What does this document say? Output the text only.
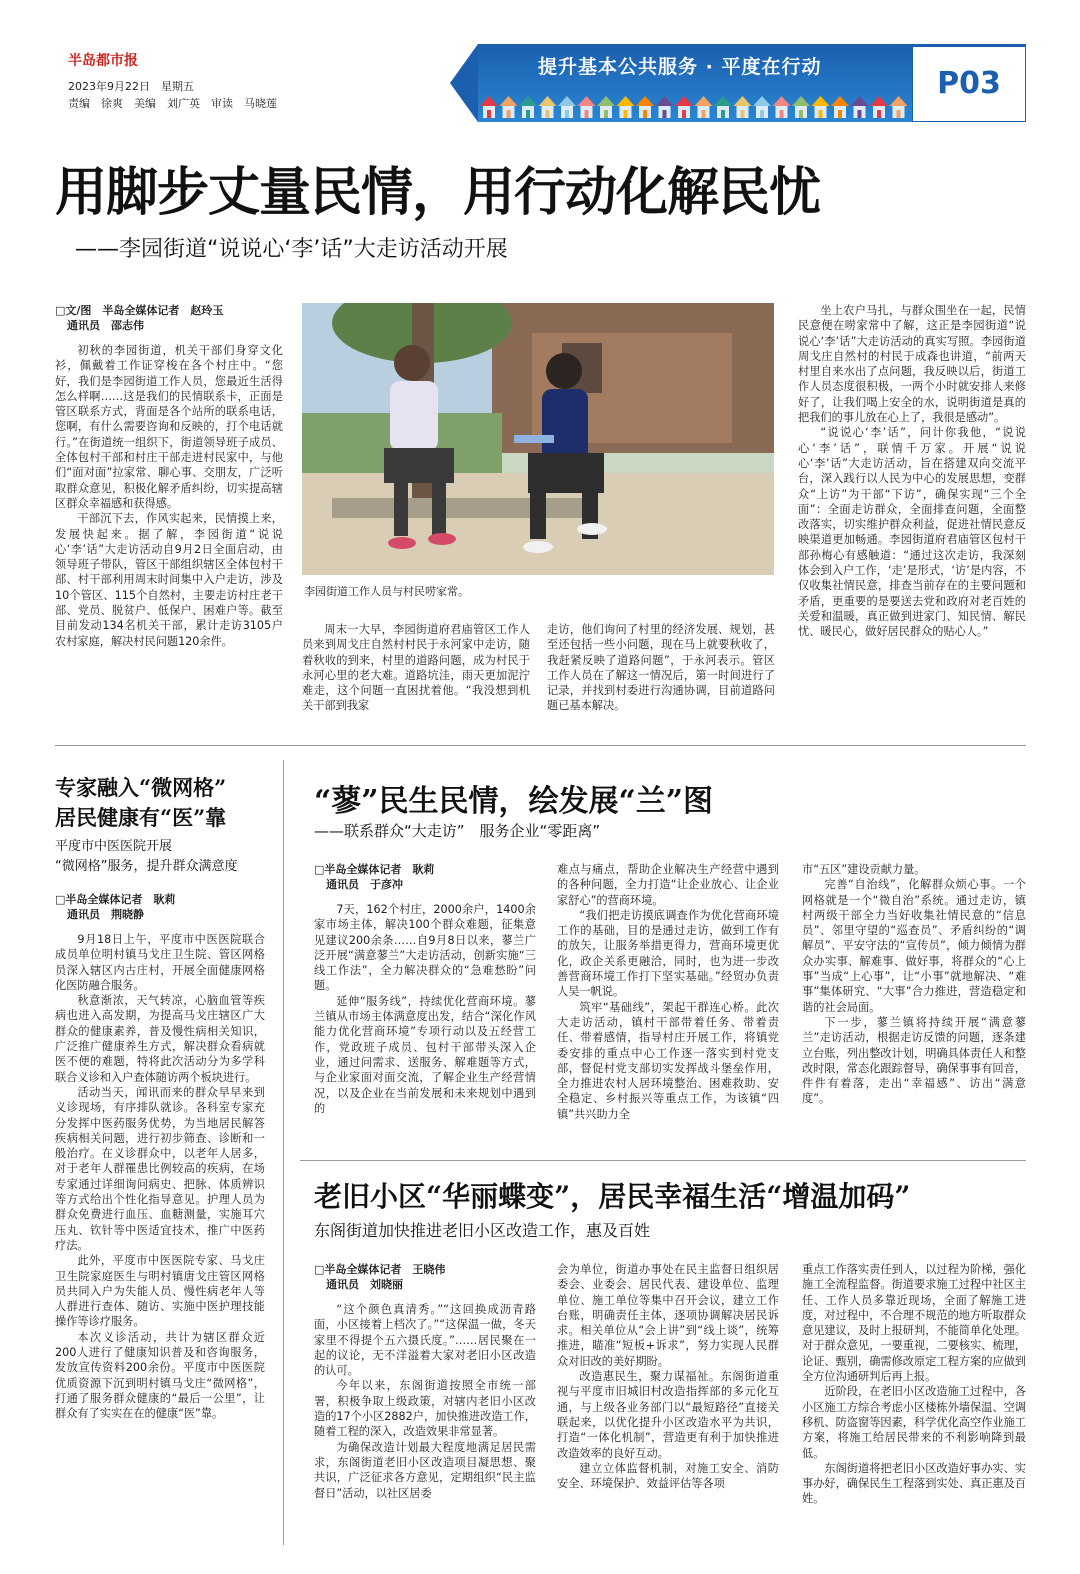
半岛都市报
2023年9月22日　星期五
责编　徐爽　美编　刘广英　审读　马晓莲
提升基本公共服务 · 平度在行动	P03
用脚步丈量民情，用行动化解民忧
——李园街道“说说心‘李’话”大走访活动开展
□文/图　半岛全媒体记者　赵玲玉
通讯员　邵志伟

初秋的李园街道，机关干部们身穿文化衫，佩戴着工作证穿梭在各个村庄中。“您好，我们是李园街道工作人员，您最近生活得怎么样啊……这是我们的民情联系卡，正面是管区联系方式，背面是各个站所的联系电话，您啊，有什么需要咨询和反映的，打个电话就行。”在街道统一组织下，街道领导班子成员、全体包村干部和村庄干部走进村民家中，与他们“面对面”拉家常、聊心事、交朋友，广泛听取群众意见，积极化解矛盾纠纷，切实提高辖区群众幸福感和获得感。

干部沉下去，作风实起来，民情摸上来，发展快起来。据了解，李园街道“说说心‘李’话”大走访活动自9月2日全面启动，由领导班子带队，管区干部组织辖区全体包村干部、村干部利用周末时间集中入户走访，涉及10个管区、115个自然村，主要走访村庄老干部、党员、脱贫户、低保户、困难户等。截至目前发动134名机关干部，累计走访3105户农村家庭，解决村民问题120余件。

李园街道工作人员与村民唠家常。

周末一大早，李园街道府君庙管区工作人员来到周戈庄自然村村民于永河家中走访，随着秋收的到来，村里的道路问题，成为村民于永河心里的老大难。道路坑洼，雨天更加泥泞难走，这个问题一直困扰着他。“我没想到机关干部到我家

走访，他们询问了村里的经济发展、规划，甚至还包括一些小问题，现在马上就要秋收了，我赶紧反映了道路问题”，于永河表示。管区工作人员在了解这一情况后，第一时间进行了记录，并找到村委进行沟通协调，目前道路问题已基本解决。

坐上农户马扎，与群众围坐在一起，民情民意便在唠家常中了解，这正是李园街道“说说心‘李’话”大走访活动的真实写照。李园街道周戈庄自然村的村民于成森也讲道，“前两天村里自来水出了点问题，我反映以后，街道工作人员态度很积极，一两个小时就安排人来修好了，让我们喝上安全的水，说明街道是真的把我们的事儿放在心上了，我很是感动”。

“说说心‘李’话”，问计你我他，“说说心‘李’话”，联情千万家。开展“说说心‘李’话”大走访活动，旨在搭建双向交流平台，深入践行以人民为中心的发展思想，变群众“上访”为干部“下访”，确保实现“三个全面”：全面走访群众，全面排查问题，全面整改落实，切实维护群众利益，促进社情民意反映渠道更加畅通。李园街道府君庙管区包村干部孙梅心有感触道：“通过这次走访，我深刻体会到入户工作，‘走’是形式，‘访’是内容，不仅收集社情民意，排查当前存在的主要问题和矛盾，更重要的是要送去党和政府对老百姓的关爱和温暖，真正做到进家门、知民情、解民忧、暖民心，做好居民群众的贴心人。”

专家融入“微网格”
居民健康有“医”靠
平度市中医医院开展
“微网格”服务，提升群众满意度
□半岛全媒体记者　耿莉
通讯员　荆晓静

9月18日上午，平度市中医医院联合成员单位明村镇马戈庄卫生院、管区网格员深入辖区内古庄村，开展全面健康网格化医防融合服务。

秋意渐浓，天气转凉，心脑血管等疾病也进入高发期，为提高马戈庄辖区广大群众的健康素养，普及慢性病相关知识，广泛推广健康养生方式，解决群众看病就医不便的难题，特将此次活动分为多学科联合义诊和入户查体随访两个板块进行。

活动当天，闻讯而来的群众早早来到义诊现场，有序排队就诊。各科室专家充分发挥中医药服务优势，为当地居民解答疾病相关问题，进行初步筛查、诊断和一般治疗。在义诊群众中，以老年人居多，对于老年人群罹患比例较高的疾病，在场专家通过详细询问病史、把脉、体质辨识等方式给出个性化指导意见。护理人员为群众免费进行血压、血糖测量，实施耳穴压丸、钦针等中医适宜技术，推广中医药疗法。

此外，平度市中医医院专家、马戈庄卫生院家庭医生与明村镇唐戈庄管区网格员共同入户为失能人员、慢性病老年人等人群进行查体、随访、实施中医护理技能操作等诊疗服务。

本次义诊活动，共计为辖区群众近200人进行了健康知识普及和咨询服务，发放宣传资料200余份。平度市中医医院优质资源下沉到明村镇马戈庄“微网格”，打通了服务群众健康的“最后一公里”，让群众有了实实在在的健康“医”靠。

“蓼”民生民情，绘发展“兰”图
——联系群众“大走访”　服务企业“零距离”
□半岛全媒体记者　耿莉
通讯员　于彦冲

7天，162个村庄，2000余户，1400余家市场主体，解决100个群众难题，征集意见建议200余条……自9月8日以来，蓼兰广泛开展“满意蓼兰”大走访活动，创新实施“三线工作法”，全力解决群众的“急难愁盼”问题。

延伸“服务线”，持续优化营商环境。蓼兰镇从市场主体满意度出发，结合“深化作风能力优化营商环境”专项行动以及五经营工作，党政班子成员、包村干部带头深入企业，通过问需求、送服务、解难题等方式，与企业家面对面交流，了解企业生产经营情况，以及企业在当前发展和未来规划中遇到的

难点与痛点，帮助企业解决生产经营中遇到的各种问题，全力打造“让企业放心、让企业家舒心”的营商环境。

“我们把走访摸底调查作为优化营商环境工作的基础，目的是通过走访，做到工作有的放矢，让服务举措更得力，营商环境更优化，政企关系更融洽，同时，也为进一步改善营商环境工作打下坚实基础。”经贸办负责人吴一帆说。

筑牢“基础线”，架起干群连心桥。此次大走访活动，镇村干部带着任务、带着责任、带着感情，指导村庄开展工作，将镇党委安排的重点中心工作逐一落实到村党支部，督促村党支部切实发挥战斗堡垒作用，全力推进农村人居环境整治、困难救助、安全稳定、乡村振兴等重点工作，为该镇“四镇”共兴助力全

市“五区”建设贡献力量。

完善“自治线”，化解群众烦心事。一个网格就是一个“微自治”系统。通过走访，镇村两级干部全力当好收集社情民意的“信息员”、邻里守望的“巡查员”、矛盾纠纷的“调解员”、平安守法的“宣传员”，倾力倾情为群众办实事、解难事、做好事，将群众的“心上事”当成“上心事”，让“小事”就地解决、“难事”集体研究、“大事”合力推进，营造稳定和谐的社会局面。

下一步，蓼兰镇将持续开展“满意蓼兰”走访活动，根据走访反馈的问题，逐条建立台账，列出整改计划，明确具体责任人和整改时限，常态化跟踪督导，确保事事有回音，件件有着落，走出“幸福感”、访出“满意度”。

老旧小区“华丽蝶变”，居民幸福生活“增温加码”
东阁街道加快推进老旧小区改造工作，惠及百姓
□半岛全媒体记者　王晓伟
通讯员　刘晓丽

“这个颜色真清秀。”“这回换成沥青路面，小区接着上档次了。”“这保温一做，冬天家里不得提个五六摄氏度。”……居民聚在一起的议论，无不洋溢着大家对老旧小区改造的认可。

今年以来，东阁街道按照全市统一部署，积极争取上级政策，对辖内老旧小区改造的17个小区2882户，加快推进改造工作，随着工程的深入，改造效果非常显著。

为确保改造计划最大程度地满足居民需求，东阁街道老旧小区改造项目凝思想、聚共识，广泛征求各方意见，定期组织“民主监督日”活动，以社区居委

会为单位，街道办事处在民主监督日组织居委会、业委会、居民代表、建设单位、监理单位、施工单位等集中召开会议，建立工作台账，明确责任主体，逐项协调解决居民诉求。相关单位从“会上讲”到“线上谈”，统筹推进，瞄准“短板+诉求”，努力实现人民群众对旧改的美好期盼。

改造惠民生，聚力谋福祉。东阁街道重视与平度市旧城旧村改造指挥部的多元化互通，与上级各业务部门以“最短路径”直接关联起来，以优化提升小区改造水平为共识，打造“一体化机制”，营造更有利于加快推进改造效率的良好互动。

建立立体监督机制，对施工安全、消防安全、环境保护、效益评估等各项

重点工作落实责任到人，以过程为阶梯，强化施工全流程监督。街道要求施工过程中社区主任、工作人员多靠近现场，全面了解施工进度，对过程中，不合理不规范的地方听取群众意见建议，及时上报研判，不能简单化处理。对于群众意见，一要重视，二要核实、梳理，论证、甄别，确需修改原定工程方案的应做到全方位沟通研判后再上报。

近阶段，在老旧小区改造施工过程中，各小区施工方综合考虑小区楼栋外墙保温、空调移机、防盗窗等因素，科学优化高空作业施工方案，将施工给居民带来的不利影响降到最低。

东阁街道将把老旧小区改造好事办实、实事办好，确保民生工程落到实处、真正惠及百姓。
